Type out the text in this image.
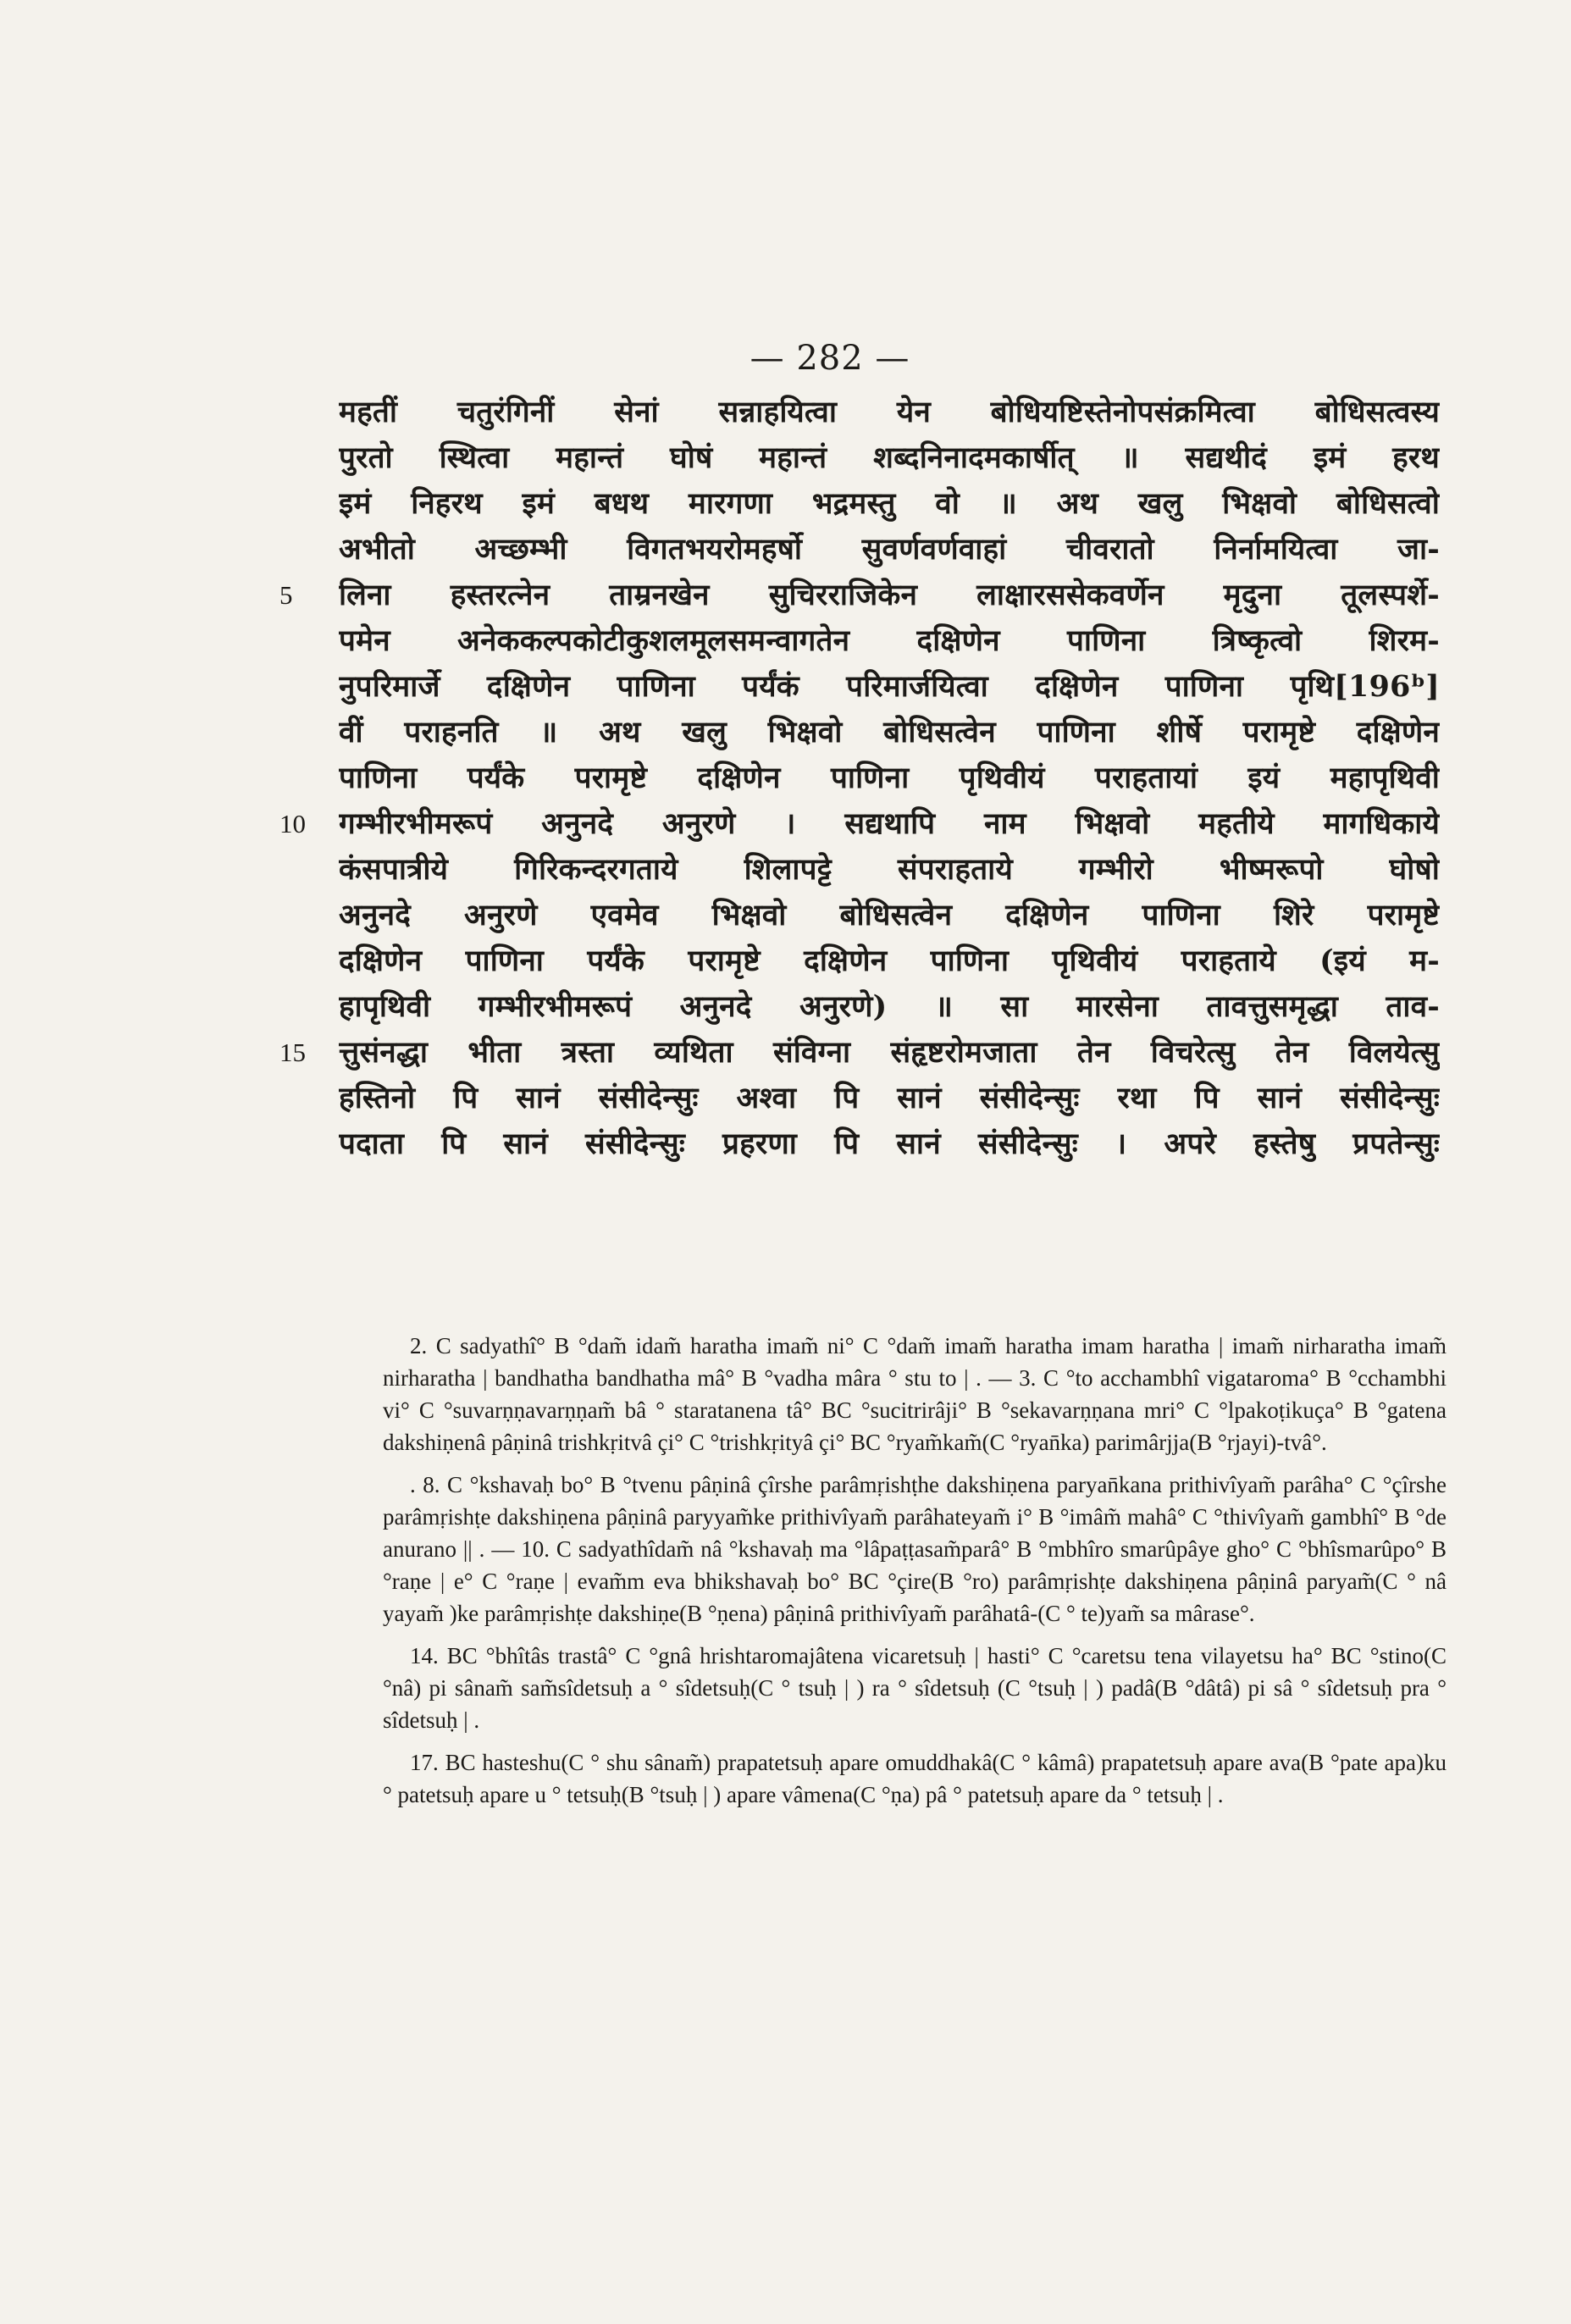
— 282 —
महतीं चतुरंगिनीं सेनां सन्नाहयित्वा येन बोधियष्टिस्तेनोपसंक्रमित्वा बोधिसत्वस्य
पुरतो स्थित्वा महान्तं घोषं महान्तं शब्दनिनादमकार्षीत् ॥ सद्यथीदं इमं हरथ
इमं निहरथ इमं बधथ मारगणा भद्रमस्तु वो ॥ अथ खलु भिक्षवो बोधिसत्वो
अभीतो अच्छम्भी विगतभयरोमहर्षो सुवर्णवर्णवाहां चीवरातो निर्नामयित्वा जा-
लिना हस्तरत्नेन ताम्रनखेन सुचिरराजिकेन लाक्षारससेकवर्णेन मृदुना तूलस्पर्शे-
पमेन अनेककल्पकोटीकुशलमूलसमन्वागतेन दक्षिणेन पाणिना त्रिष्कृत्वो शिरम-
नुपरिमार्जे दक्षिणेन पाणिना पर्यंकं परिमार्जयित्वा दक्षिणेन पाणिना पृथि[196ᵇ]
वीं पराहनति ॥ अथ खलु भिक्षवो बोधिसत्वेन पाणिना शीर्षे परामृष्टे दक्षिणेन
पाणिना पर्यंके परामृष्टे दक्षिणेन पाणिना पृथिवीयं पराहतायां इयं महापृथिवी
गम्भीरभीमरूपं अनुनदे अनुरणे । सद्यथापि नाम भिक्षवो महतीये मागधिकाये
कंसपात्रीये गिरिकन्दरगताये शिलापट्टे संपराहताये गम्भीरो भीष्मरूपो घोषो
अनुनदे अनुरणे एवमेव भिक्षवो बोधिसत्वेन दक्षिणेन पाणिना शिरे परामृष्टे
दक्षिणेन पाणिना पर्यंके परामृष्टे दक्षिणेन पाणिना पृथिवीयं पराहताये (इयं म-
हापृथिवी गम्भीरभीमरूपं अनुनदे अनुरणे) ॥ सा मारसेना तावत्तुसमृद्धा ताव-
त्तुसंनद्धा भीता त्रस्ता व्यथिता संविग्ना संहृष्टरोमजाता तेन विचरेत्सु तेन विलयेत्सु
हस्तिनो पि सानं संसीदेन्सुः अश्वा पि सानं संसीदेन्सुः रथा पि सानं संसीदेन्सुः
पदाता पि सानं संसीदेन्सुः प्रहरणा पि सानं संसीदेन्सुः । अपरे हस्तेषु प्रपतेन्सुः
5
10
15

2. C sadyathî° B °dam̃ idam̃ haratha imam̃ ni° C °dam̃ imam̃ haratha imam haratha | imam̃ nirharatha imam̃ nirharatha | bandhatha bandhatha mâ° B °vadha mâra ° stu to | . — 3. C °to acchambhî vigataroma° B °cchambhi vi° C °suvarṇṇavarṇṇam̃ bâ ° staratanena tâ° BC °sucitrirâji° B °sekavarṇṇana mri° C °lpakoṭikuça° B °gatena dakshiṇenâ pâṇinâ trishkṛitvâ çi° C °trishkṛityâ çi° BC °ryam̃kam̃(C °ryan̄ka) parimârjja(B °rjayi)-tvâ°.

. 8. C °kshavaḥ bo° B °tvenu pâṇinâ çîrshe parâmṛishṭhe dakshiṇena paryan̄kana prithivîyam̃ parâha° C °çîrshe parâmṛishṭe dakshiṇena pâṇinâ paryyam̃ke prithivîyam̃ parâhateyam̃ i° B °imâm̃ mahâ° C °thivîyam̃ gambhî° B °de anurano || . — 10. C sadyathîdam̃ nâ °kshavaḥ ma °lâpaṭṭasam̃parâ° B °mbhîro smarûpâye gho° C °bhîsmarûpo° B °raṇe | e° C °raṇe | evam̃m eva bhikshavaḥ bo° BC °çire(B °ro) parâmṛishṭe dakshiṇena pâṇinâ paryam̃(C ° nâ yayam̃ )ke parâmṛishṭe dakshiṇe(B °ṇena) pâṇinâ prithivîyam̃ parâhatâ-(C ° te)yam̃ sa mârase°.

14. BC °bhîtâs trastâ° C °gnâ hrishtaromajâtena vicaretsuḥ | hasti° C °caretsu tena vilayetsu ha° BC °stino(C °nâ) pi sânam̃ sam̃sîdetsuḥ a ° sîdetsuḥ(C ° tsuḥ | ) ra ° sîdetsuḥ (C °tsuḥ | ) padâ(B °dâtâ) pi sâ ° sîdetsuḥ pra ° sîdetsuḥ | .

17. BC hasteshu(C ° shu sânam̃) prapatetsuḥ apare omuddhakâ(C ° kâmâ) prapatetsuḥ apare ava(B °pate apa)ku ° patetsuḥ apare u ° tetsuḥ(B °tsuḥ | ) apare vâmena(C °ṇa) pâ ° patetsuḥ apare da ° tetsuḥ | .
